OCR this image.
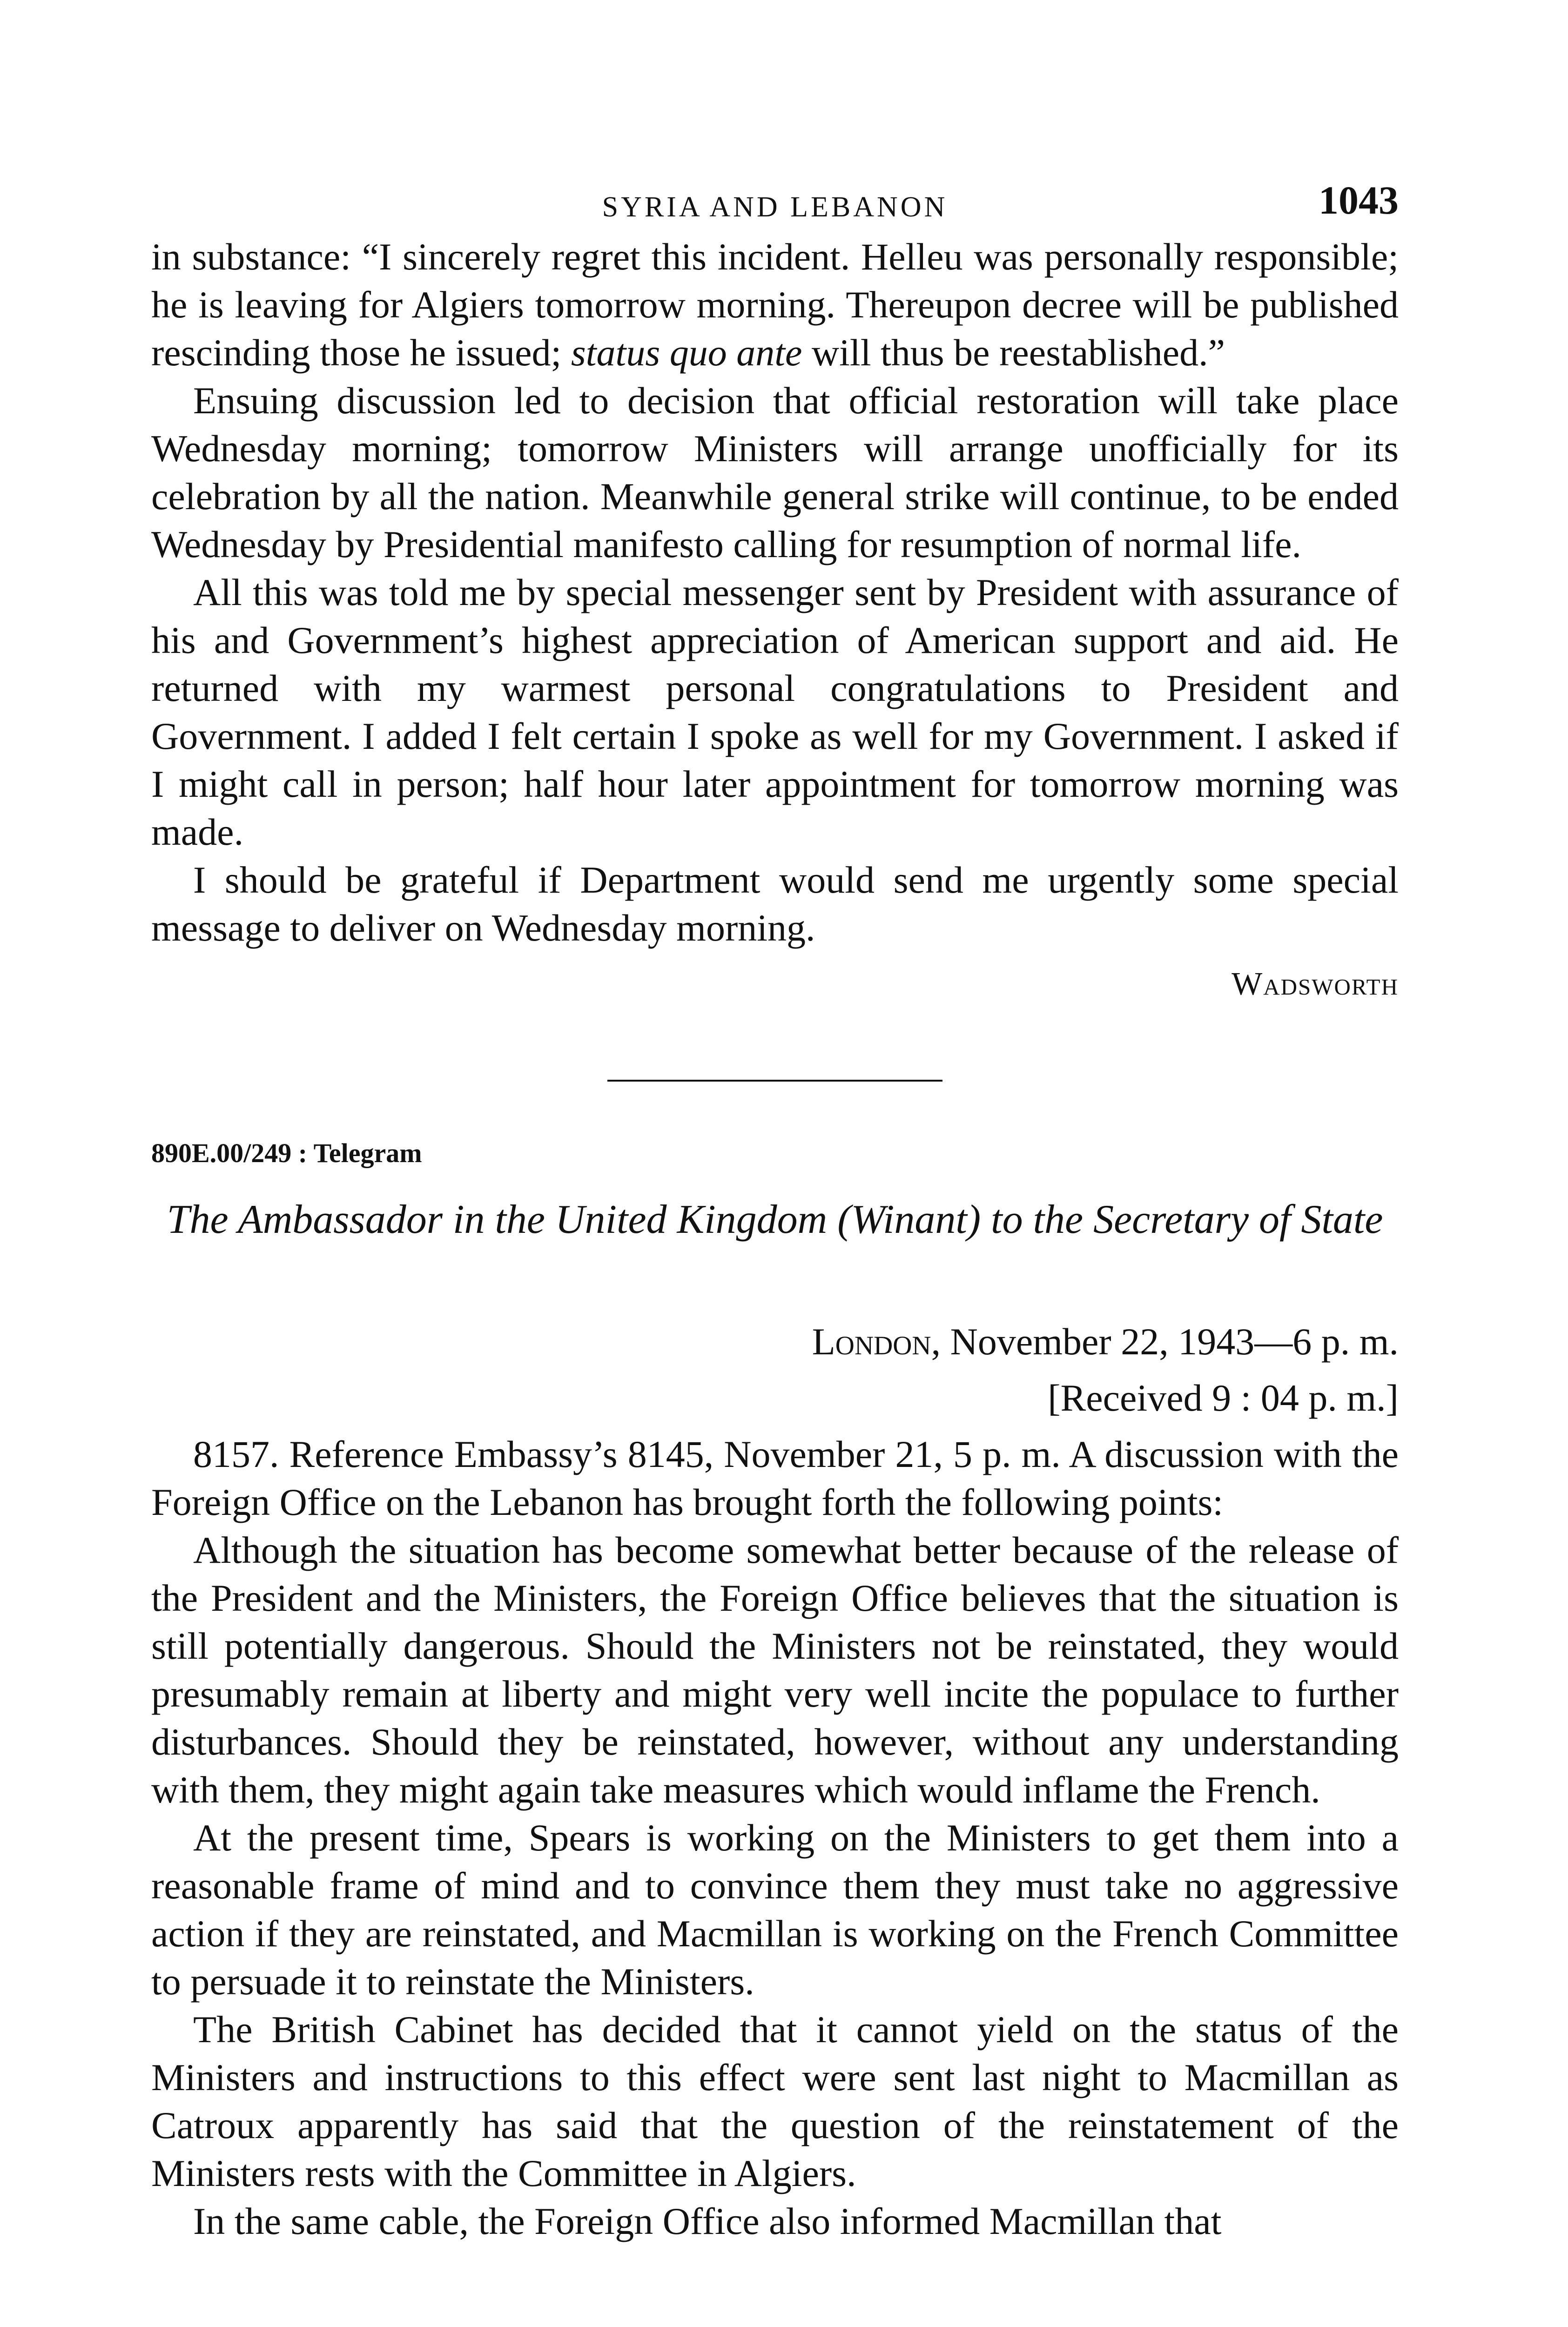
SYRIA AND LEBANON	1043

in substance: “I sincerely regret this incident. Helleu was personally responsible; he is leaving for Algiers tomorrow morning. Thereupon decree will be published rescinding those he issued; status quo ante will thus be reestablished.”

Ensuing discussion led to decision that official restoration will take place Wednesday morning; tomorrow Ministers will arrange unofficially for its celebration by all the nation. Meanwhile general strike will continue, to be ended Wednesday by Presidential manifesto calling for resumption of normal life.

All this was told me by special messenger sent by President with assurance of his and Government’s highest appreciation of American support and aid. He returned with my warmest personal congratulations to President and Government. I added I felt certain I spoke as well for my Government. I asked if I might call in person; half hour later appointment for tomorrow morning was made.

I should be grateful if Department would send me urgently some special message to deliver on Wednesday morning.

Wadsworth

890E.00/249 : Telegram

The Ambassador in the United Kingdom (Winant) to the Secretary of State

London, November 22, 1943—6 p. m.

[Received 9 : 04 p. m.]

8157. Reference Embassy’s 8145, November 21, 5 p. m. A discussion with the Foreign Office on the Lebanon has brought forth the following points:

Although the situation has become somewhat better because of the release of the President and the Ministers, the Foreign Office believes that the situation is still potentially dangerous. Should the Ministers not be reinstated, they would presumably remain at liberty and might very well incite the populace to further disturbances. Should they be reinstated, however, without any understanding with them, they might again take measures which would inflame the French.

At the present time, Spears is working on the Ministers to get them into a reasonable frame of mind and to convince them they must take no aggressive action if they are reinstated, and Macmillan is working on the French Committee to persuade it to reinstate the Ministers.

The British Cabinet has decided that it cannot yield on the status of the Ministers and instructions to this effect were sent last night to Macmillan as Catroux apparently has said that the question of the reinstatement of the Ministers rests with the Committee in Algiers.

In the same cable, the Foreign Office also informed Macmillan that
